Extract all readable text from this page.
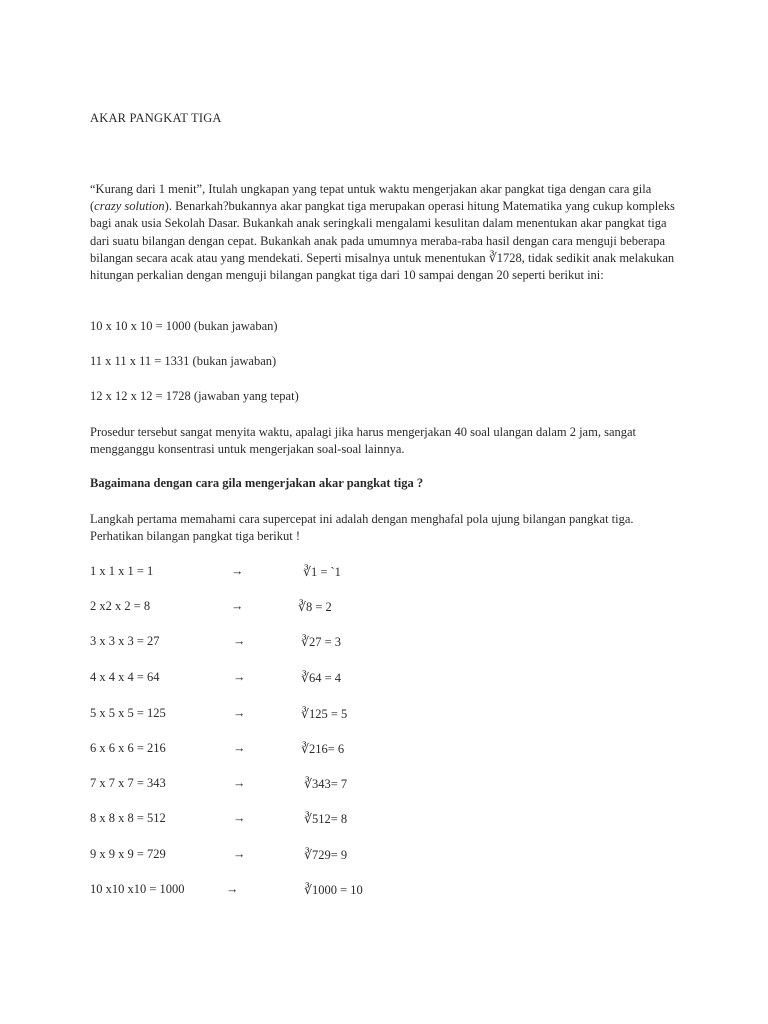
AKAR PANGKAT TIGA
“Kurang dari 1 menit”, Itulah ungkapan yang tepat untuk waktu mengerjakan akar pangkat tiga dengan cara gila (crazy solution). Benarkah?bukannya akar pangkat tiga merupakan operasi hitung Matematika yang cukup kompleks bagi anak usia Sekolah Dasar. Bukankah anak seringkali mengalami kesulitan dalam menentukan akar pangkat tiga dari suatu bilangan dengan cepat. Bukankah anak pada umumnya meraba-raba hasil dengan cara menguji beberapa bilangan secara acak atau yang mendekati. Seperti misalnya untuk menentukan ∛1728, tidak sedikit anak melakukan hitungan perkalian dengan menguji bilangan pangkat tiga dari 10 sampai dengan 20 seperti berikut ini:
10 x 10 x 10 = 1000 (bukan jawaban)
11 x 11 x 11 = 1331 (bukan jawaban)
12 x 12 x 12 = 1728 (jawaban yang tepat)
Prosedur tersebut sangat menyita waktu, apalagi jika harus mengerjakan 40 soal ulangan dalam 2 jam, sangat mengganggu konsentrasi untuk mengerjakan soal-soal lainnya.
Bagaimana dengan cara gila mengerjakan akar pangkat tiga ?
Langkah pertama memahami cara supercepat ini adalah dengan menghafal pola ujung bilangan pangkat tiga. Perhatikan bilangan pangkat tiga berikut !
1 x 1 x 1 = 1	→	∛1 = `1
2 x2 x 2 = 8	→	∛8 = 2
3 x 3 x 3 = 27	→	∛27 = 3
4 x 4 x 4 = 64	→	∛64 = 4
5 x 5 x 5 = 125	→	∛125 = 5
6 x 6 x 6 = 216	→	∛216= 6
7 x 7 x 7 = 343	→	∛343= 7
8 x 8 x 8 = 512	→	∛512= 8
9 x 9 x 9 = 729	→	∛729= 9
10 x10 x10 = 1000	→	∛1000 = 10
